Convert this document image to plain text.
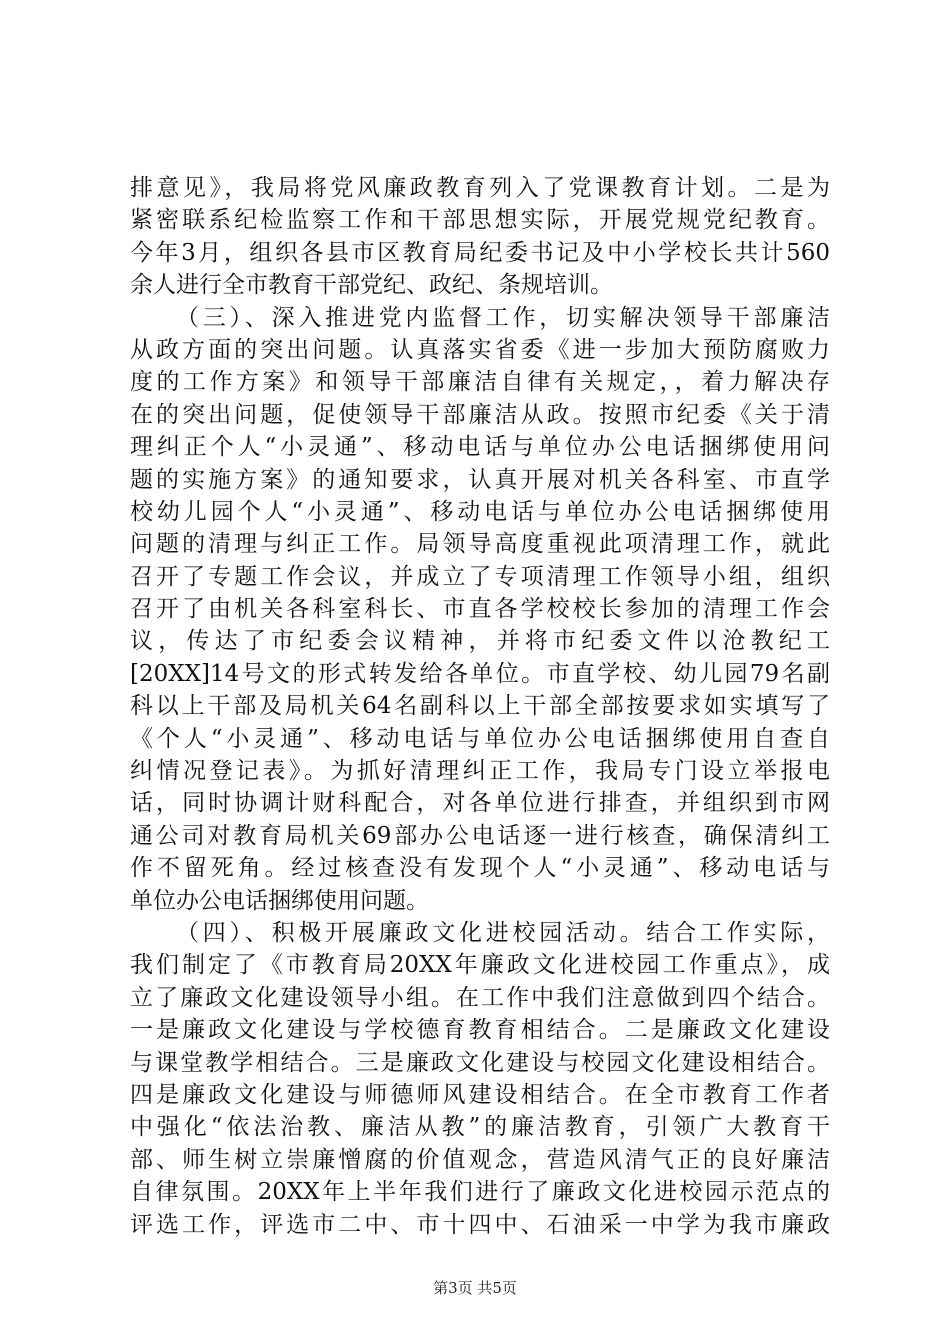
排意见》，我局将党风廉政教育列入了党课教育计划。二是为
紧密联系纪检监察工作和干部思想实际，开展党规党纪教育。
今年3月，组织各县市区教育局纪委书记及中小学校长共计560
余人进行全市教育干部党纪、政纪、条规培训。
（三）、深入推进党内监督工作，切实解决领导干部廉洁
从政方面的突出问题。认真落实省委《进一步加大预防腐败力
度的工作方案》和领导干部廉洁自律有关规定，，着力解决存
在的突出问题，促使领导干部廉洁从政。按照市纪委《关于清
理纠正个人“小灵通”、移动电话与单位办公电话捆绑使用问
题的实施方案》的通知要求，认真开展对机关各科室、市直学
校幼儿园个人“小灵通”、移动电话与单位办公电话捆绑使用
问题的清理与纠正工作。局领导高度重视此项清理工作，就此
召开了专题工作会议，并成立了专项清理工作领导小组，组织
召开了由机关各科室科长、市直各学校校长参加的清理工作会
议，传达了市纪委会议精神，并将市纪委文件以沧教纪工
[20XX]14号文的形式转发给各单位。市直学校、幼儿园79名副
科以上干部及局机关64名副科以上干部全部按要求如实填写了
《个人“小灵通”、移动电话与单位办公电话捆绑使用自查自
纠情况登记表》。为抓好清理纠正工作，我局专门设立举报电
话，同时协调计财科配合，对各单位进行排查，并组织到市网
通公司对教育局机关69部办公电话逐一进行核查，确保清纠工
作不留死角。经过核查没有发现个人“小灵通”、移动电话与
单位办公电话捆绑使用问题。
（四）、积极开展廉政文化进校园活动。结合工作实际，
我们制定了《市教育局20XX年廉政文化进校园工作重点》，成
立了廉政文化建设领导小组。在工作中我们注意做到四个结合。
一是廉政文化建设与学校德育教育相结合。二是廉政文化建设
与课堂教学相结合。三是廉政文化建设与校园文化建设相结合。
四是廉政文化建设与师德师风建设相结合。在全市教育工作者
中强化“依法治教、廉洁从教”的廉洁教育，引领广大教育干
部、师生树立崇廉憎腐的价值观念，营造风清气正的良好廉洁
自律氛围。20XX年上半年我们进行了廉政文化进校园示范点的
评选工作，评选市二中、市十四中、石油采一中学为我市廉政
第3页 共5页
